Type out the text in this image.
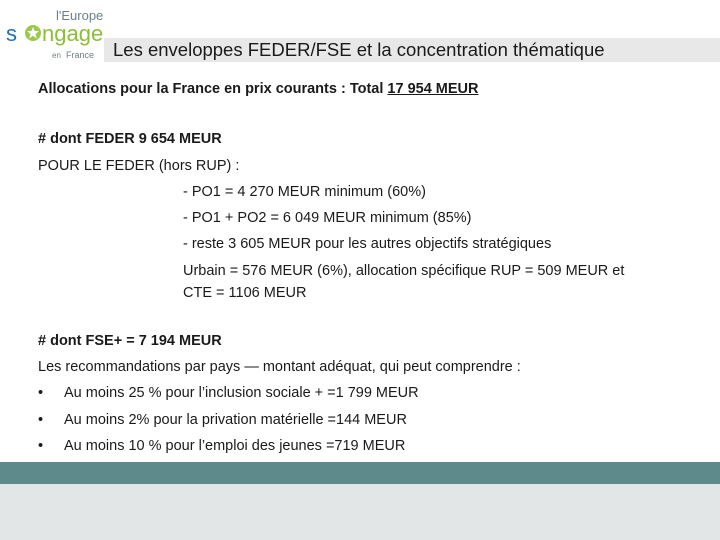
l'Europe
s ngage
en France Les enveloppes FEDER/FSE et la concentration thématique
Allocations pour la France en prix courants : Total 17 954 MEUR
# dont FEDER 9 654 MEUR
POUR LE FEDER (hors RUP) :
- PO1 = 4 270 MEUR minimum (60%)
- PO1 + PO2 = 6 049 MEUR minimum (85%)
- reste 3 605 MEUR pour les autres objectifs stratégiques
Urbain = 576 MEUR (6%), allocation spécifique RUP = 509 MEUR et
CTE = 1106 MEUR
# dont FSE+ = 7 194 MEUR
Les recommandations par pays — montant adéquat, qui peut comprendre :
•	Au moins 25 % pour l’inclusion sociale + =1 799 MEUR
•	Au moins 2% pour la privation matérielle =144 MEUR
•	Au moins 10 % pour l’emploi des jeunes =719 MEUR
